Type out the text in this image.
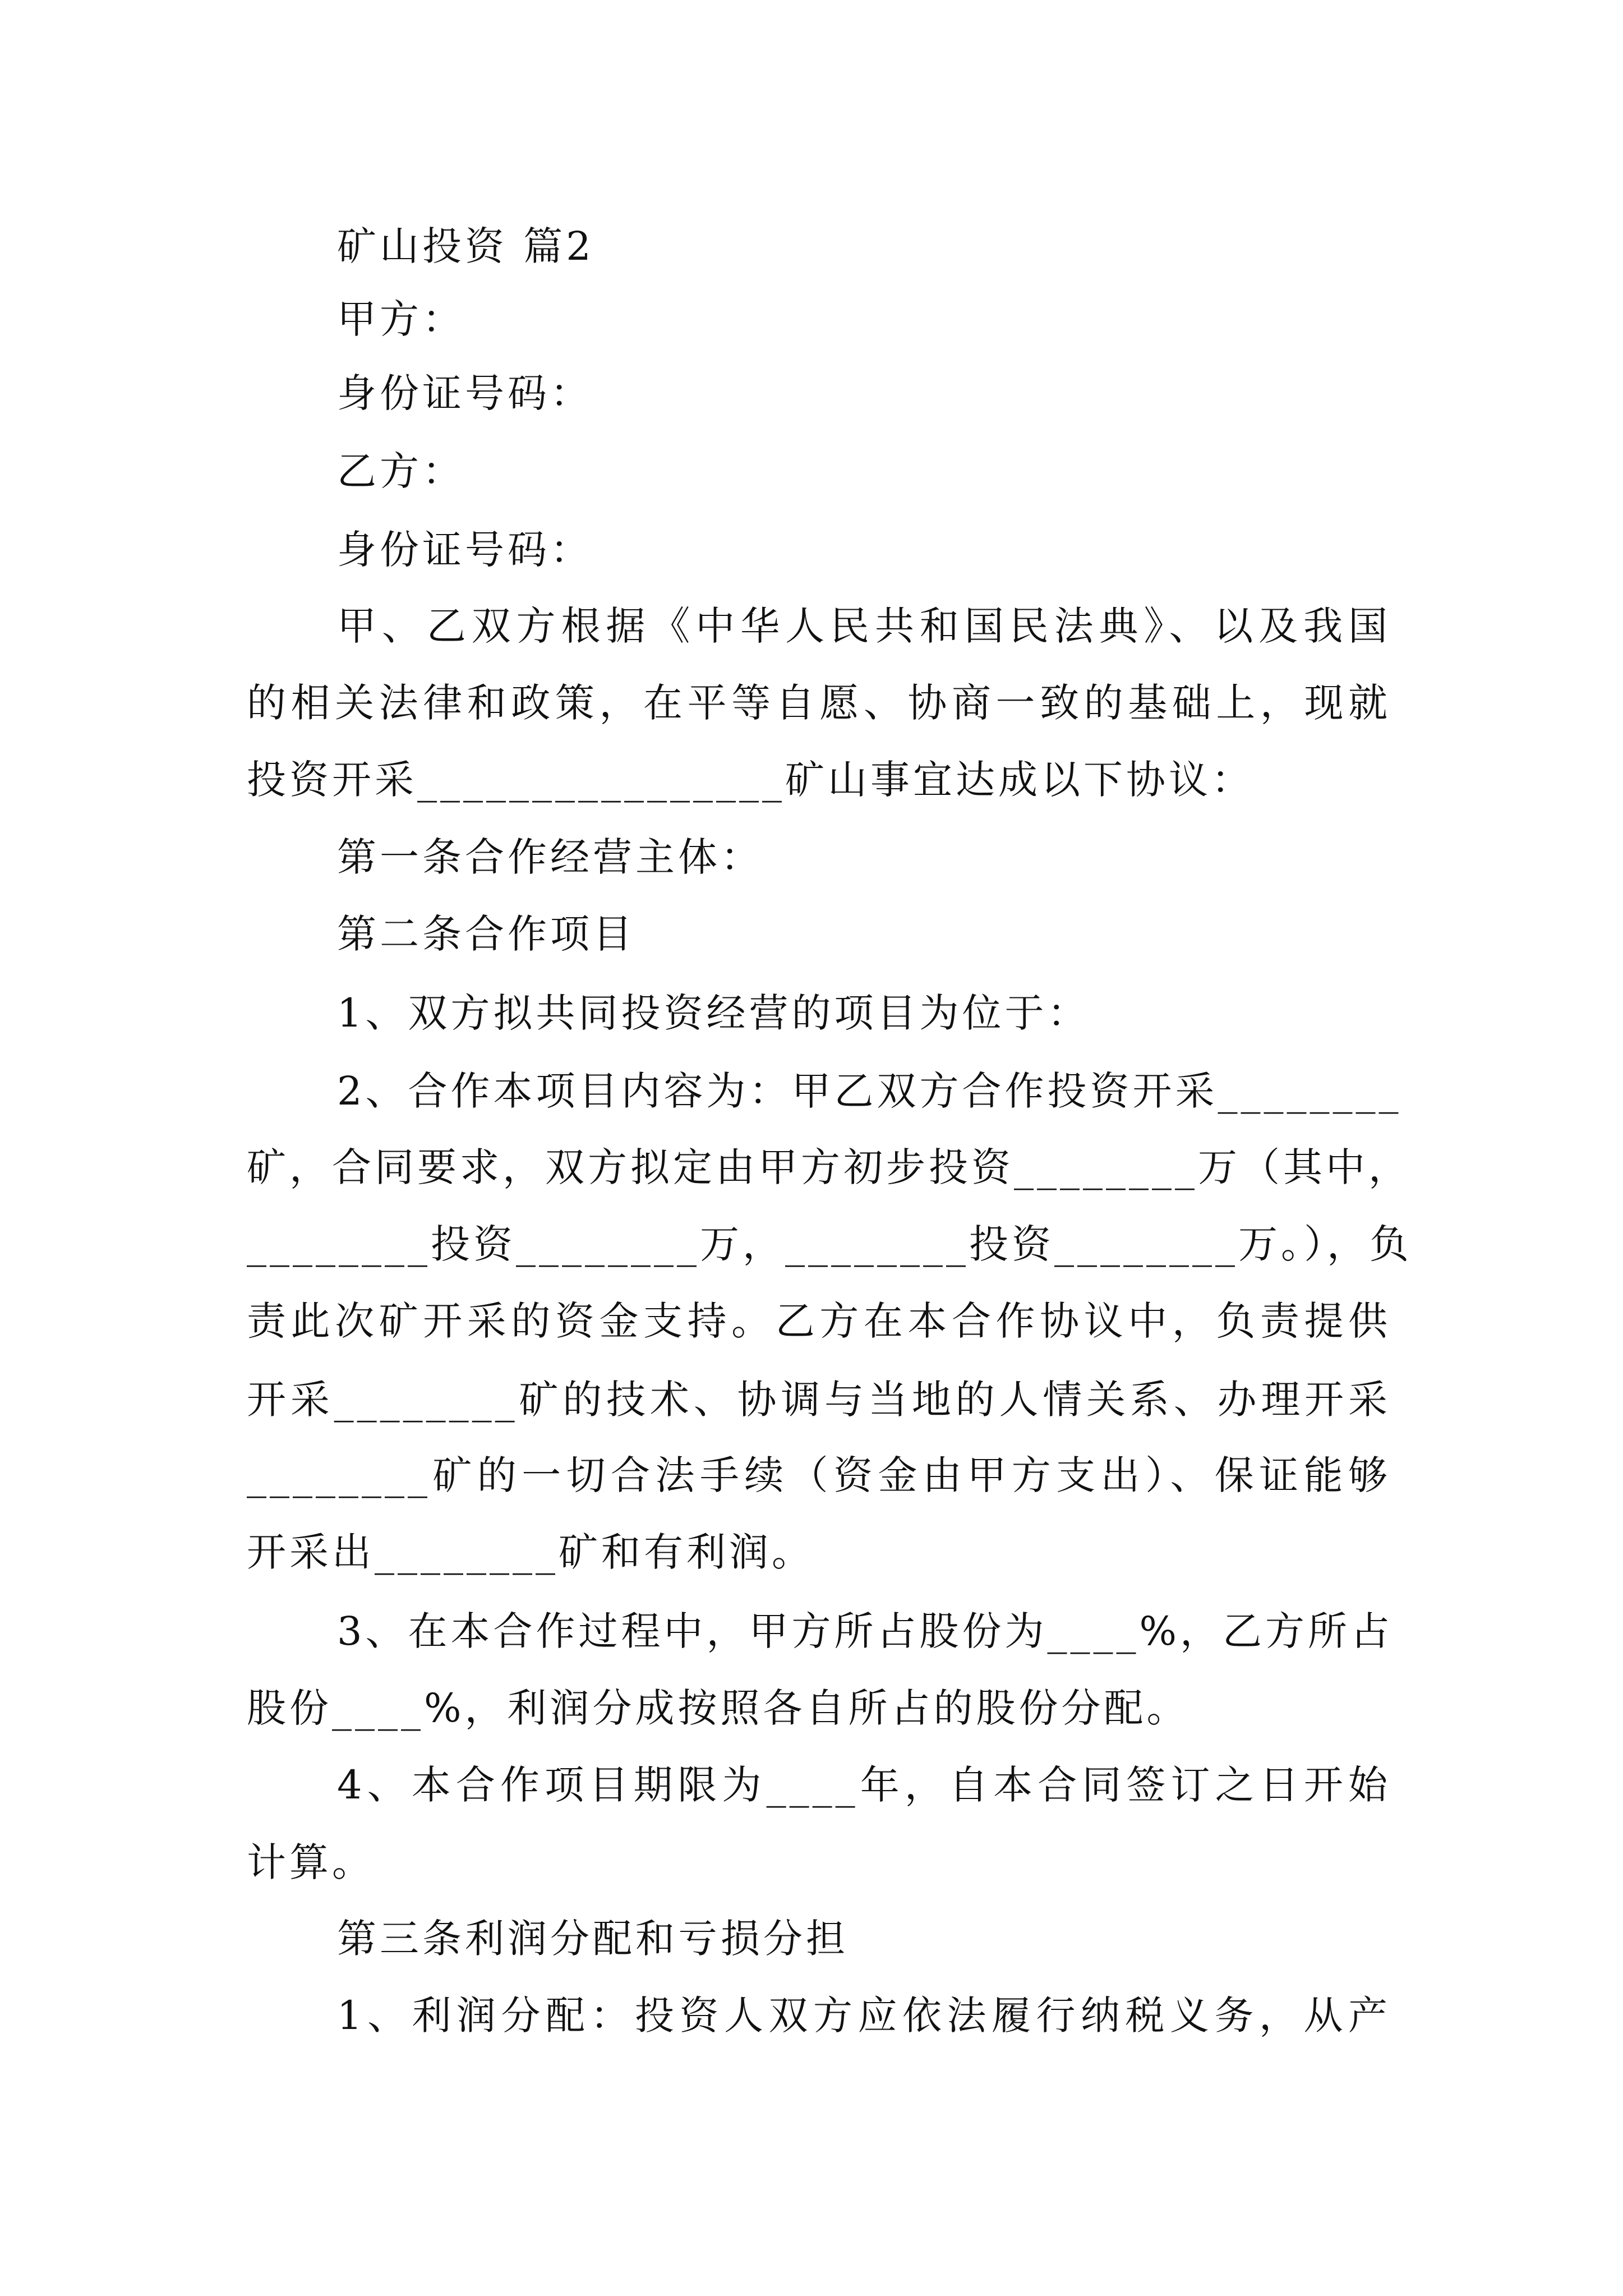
矿山投资 篇2
甲方：
身份证号码：
乙方：
身份证号码：
甲、乙双方根据《中华人民共和国民法典》、以及我国
的相关法律和政策，在平等自愿、协商一致的基础上，现就
投资开采________________矿山事宜达成以下协议：
第一条合作经营主体：
第二条合作项目
1、双方拟共同投资经营的项目为位于：
2、合作本项目内容为：甲乙双方合作投资开采________
矿，合同要求，双方拟定由甲方初步投资________万（其中，
________投资________万，________投资________万。），负
责此次矿开采的资金支持。乙方在本合作协议中，负责提供
开采________矿的技术、协调与当地的人情关系、办理开采
________矿的一切合法手续（资金由甲方支出）、保证能够
开采出________矿和有利润。
3、在本合作过程中，甲方所占股份为____%，乙方所占
股份____%，利润分成按照各自所占的股份分配。
4、本合作项目期限为____年，自本合同签订之日开始
计算。
第三条利润分配和亏损分担
1、利润分配：投资人双方应依法履行纳税义务，从产
